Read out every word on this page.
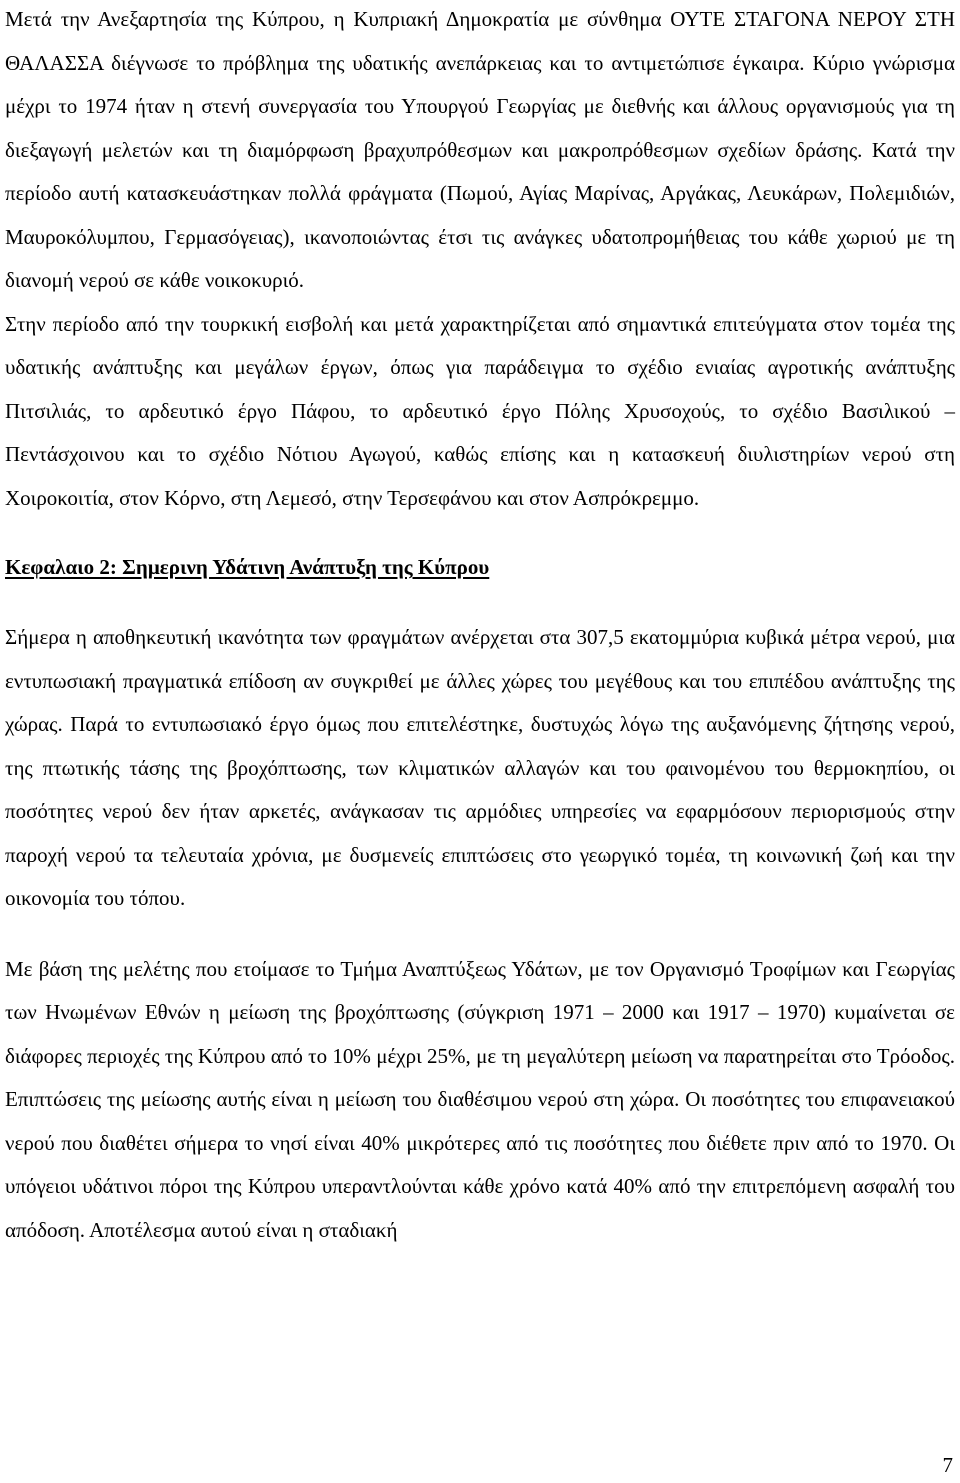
Μετά την Ανεξαρτησία της Κύπρου, η Κυπριακή Δημοκρατία με σύνθημα ΟΥΤΕ ΣΤΑΓΟΝΑ ΝΕΡΟΥ ΣΤΗ ΘΑΛΑΣΣΑ διέγνωσε το πρόβλημα της υδατικής ανεπάρκειας και το αντιμετώπισε έγκαιρα. Κύριο γνώρισμα μέχρι το 1974 ήταν η στενή συνεργασία του Υπουργού Γεωργίας με διεθνής και άλλους οργανισμούς για τη διεξαγωγή μελετών και τη διαμόρφωση βραχυπρόθεσμων και μακροπρόθεσμων σχεδίων δράσης. Κατά την περίοδο αυτή κατασκευάστηκαν πολλά φράγματα (Πωμού, Αγίας Μαρίνας, Αργάκας, Λευκάρων, Πολεμιδιών, Μαυροκόλυμπου, Γερμασόγειας), ικανοποιώντας έτσι τις ανάγκες υδατοπρομήθειας του κάθε χωριού με τη διανομή νερού σε κάθε νοικοκυριό.

Στην περίοδο από την τουρκική εισβολή και μετά χαρακτηρίζεται από σημαντικά επιτεύγματα στον τομέα της υδατικής ανάπτυξης και μεγάλων έργων, όπως για παράδειγμα το σχέδιο ενιαίας αγροτικής ανάπτυξης Πιτσιλιάς, το αρδευτικό έργο Πάφου, το αρδευτικό έργο Πόλης Χρυσοχούς, το σχέδιο Βασιλικού – Πεντάσχοινου και το σχέδιο Νότιου Αγωγού, καθώς επίσης και η κατασκευή διυλιστηρίων νερού στη Χοιροκοιτία, στον Κόρνο, στη Λεμεσό, στην Τερσεφάνου και στον Ασπρόκρεμμο.

Κεφαλαιο 2: Σημερινη Υδάτινη Ανάπτυξη της Κύπρου

Σήμερα η αποθηκευτική ικανότητα των φραγμάτων ανέρχεται στα 307,5 εκατομμύρια κυβικά μέτρα νερού, μια εντυπωσιακή πραγματικά επίδοση αν συγκριθεί με άλλες χώρες του μεγέθους και του επιπέδου ανάπτυξης της χώρας. Παρά το εντυπωσιακό έργο όμως που επιτελέστηκε, δυστυχώς λόγω της αυξανόμενης ζήτησης νερού, της πτωτικής τάσης της βροχόπτωσης, των κλιματικών αλλαγών και του φαινομένου του θερμοκηπίου, οι ποσότητες νερού δεν ήταν αρκετές, ανάγκασαν τις αρμόδιες υπηρεσίες να εφαρμόσουν περιορισμούς στην παροχή νερού τα τελευταία χρόνια, με δυσμενείς επιπτώσεις στο γεωργικό τομέα, τη κοινωνική ζωή και την οικονομία του τόπου.

Με βάση της μελέτης που ετοίμασε το Τμήμα Αναπτύξεως Υδάτων, με τον Οργανισμό Τροφίμων και Γεωργίας των Ηνωμένων Εθνών η μείωση της βροχόπτωσης (σύγκριση 1971 – 2000 και 1917 – 1970) κυμαίνεται σε διάφορες περιοχές της Κύπρου από το 10% μέχρι 25%, με τη μεγαλύτερη μείωση να παρατηρείται στο Τρόοδος. Επιπτώσεις της μείωσης αυτής είναι η μείωση του διαθέσιμου νερού στη χώρα. Οι ποσότητες του επιφανειακού νερού που διαθέτει σήμερα το νησί είναι 40% μικρότερες από τις ποσότητες που διέθετε πριν από το 1970. Οι υπόγειοι υδάτινοι πόροι της Κύπρου υπεραντλούνται κάθε χρόνο κατά 40% από την επιτρεπόμενη ασφαλή του απόδοση. Αποτέλεσμα αυτού είναι η σταδιακή

7
